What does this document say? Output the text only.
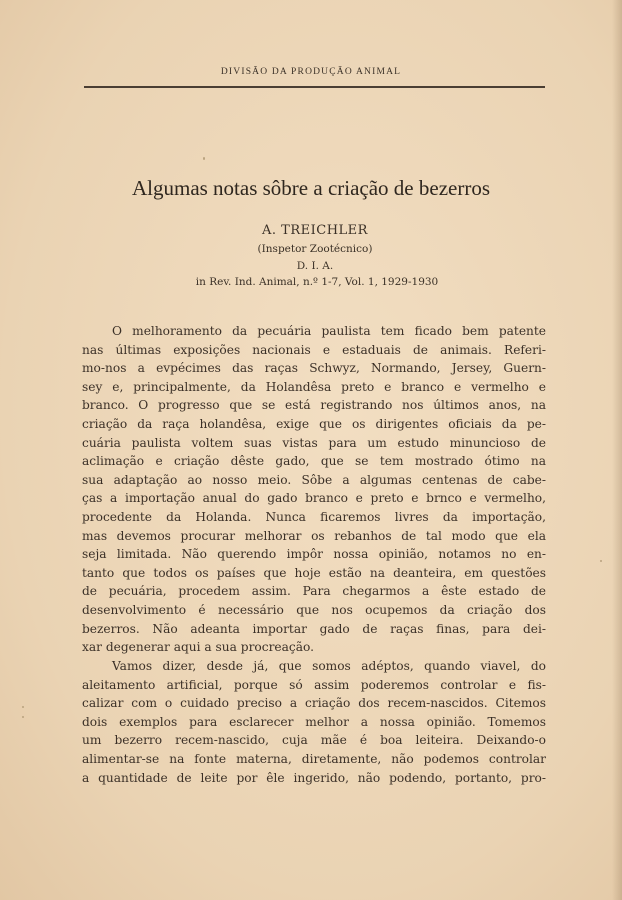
DIVISÃO DA PRODUÇÃO ANIMAL
Algumas notas sôbre a criação de bezerros
A. TREICHLER
(Inspetor Zootécnico)
D. I. A.
in Rev. Ind. Animal, n.º 1-7, Vol. 1, 1929-1930
O melhoramento da pecuária paulista tem ficado bem patente
nas últimas exposições nacionais e estaduais de animais. Referi-
mo-nos a evpécimes das raças Schwyz, Normando, Jersey, Guern-
sey e, principalmente, da Holandêsa preto e branco e vermelho e
branco. O progresso que se está registrando nos últimos anos, na
criação da raça holandêsa, exige que os dirigentes oficiais da pe-
cuária paulista voltem suas vistas para um estudo minuncioso de
aclimação e criação dêste gado, que se tem mostrado ótimo na
sua adaptação ao nosso meio. Sôbe a algumas centenas de cabe-
ças a importação anual do gado branco e preto e brnco e vermelho,
procedente da Holanda. Nunca ficaremos livres da importação,
mas devemos procurar melhorar os rebanhos de tal modo que ela
seja limitada. Não querendo impôr nossa opinião, notamos no en-
tanto que todos os países que hoje estão na deanteira, em questões
de pecuária, procedem assim. Para chegarmos a êste estado de
desenvolvimento é necessário que nos ocupemos da criação dos
bezerros. Não adeanta importar gado de raças finas, para dei-
xar degenerar aqui a sua procreação.
Vamos dizer, desde já, que somos adéptos, quando viavel, do
aleitamento artificial, porque só assim poderemos controlar e fis-
calizar com o cuidado preciso a criação dos recem-nascidos. Citemos
dois exemplos para esclarecer melhor a nossa opinião. Tomemos
um bezerro recem-nascido, cuja mãe é boa leiteira. Deixando-o
alimentar-se na fonte materna, diretamente, não podemos controlar
a quantidade de leite por êle ingerido, não podendo, portanto, pro-
